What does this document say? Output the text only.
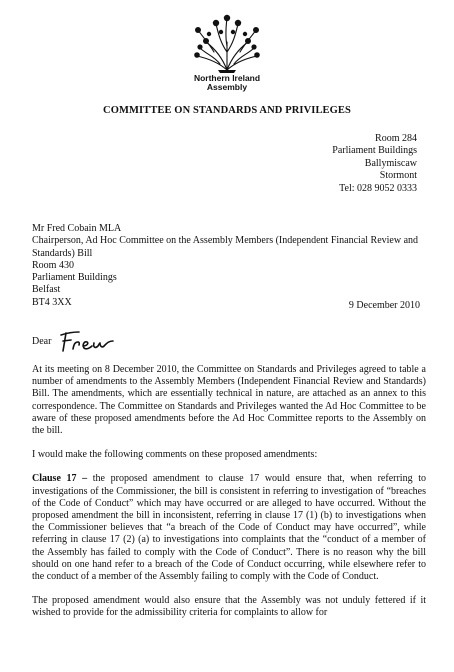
Northern Ireland
Assembly
COMMITTEE ON STANDARDS AND PRIVILEGES
Room 284
Parliament Buildings
Ballymiscaw
Stormont
Tel: 028 9052 0333
Mr Fred Cobain MLA
Chairperson, Ad Hoc Committee on the Assembly Members (Independent Financial Review and Standards) Bill
Room 430
Parliament Buildings
Belfast
BT4 3XX	9 December 2010
Dear

At its meeting on 8 December 2010, the Committee on Standards and Privileges agreed to table a number of amendments to the Assembly Members (Independent Financial Review and Standards) Bill. The amendments, which are essentially technical in nature, are attached as an annex to this correspondence. The Committee on Standards and Privileges wanted the Ad Hoc Committee to be aware of these proposed amendments before the Ad Hoc Committee reports to the Assembly on the bill.

I would make the following comments on these proposed amendments:

Clause 17 – the proposed amendment to clause 17 would ensure that, when referring to investigations of the Commissioner, the bill is consistent in referring to investigation of “breaches of the Code of Conduct” which may have occurred or are alleged to have occurred. Without the proposed amendment the bill in inconsistent, referring in clause 17 (1) (b) to investigations when the Commissioner believes that “a breach of the Code of Conduct may have occurred”, while referring in clause 17 (2) (a) to investigations into complaints that the “conduct of a member of the Assembly has failed to comply with the Code of Conduct”. There is no reason why the bill should on one hand refer to a breach of the Code of Conduct occurring, while elsewhere refer to the conduct of a member of the Assembly failing to comply with the Code of Conduct.

The proposed amendment would also ensure that the Assembly was not unduly fettered if it wished to provide for the admissibility criteria for complaints to allow for
